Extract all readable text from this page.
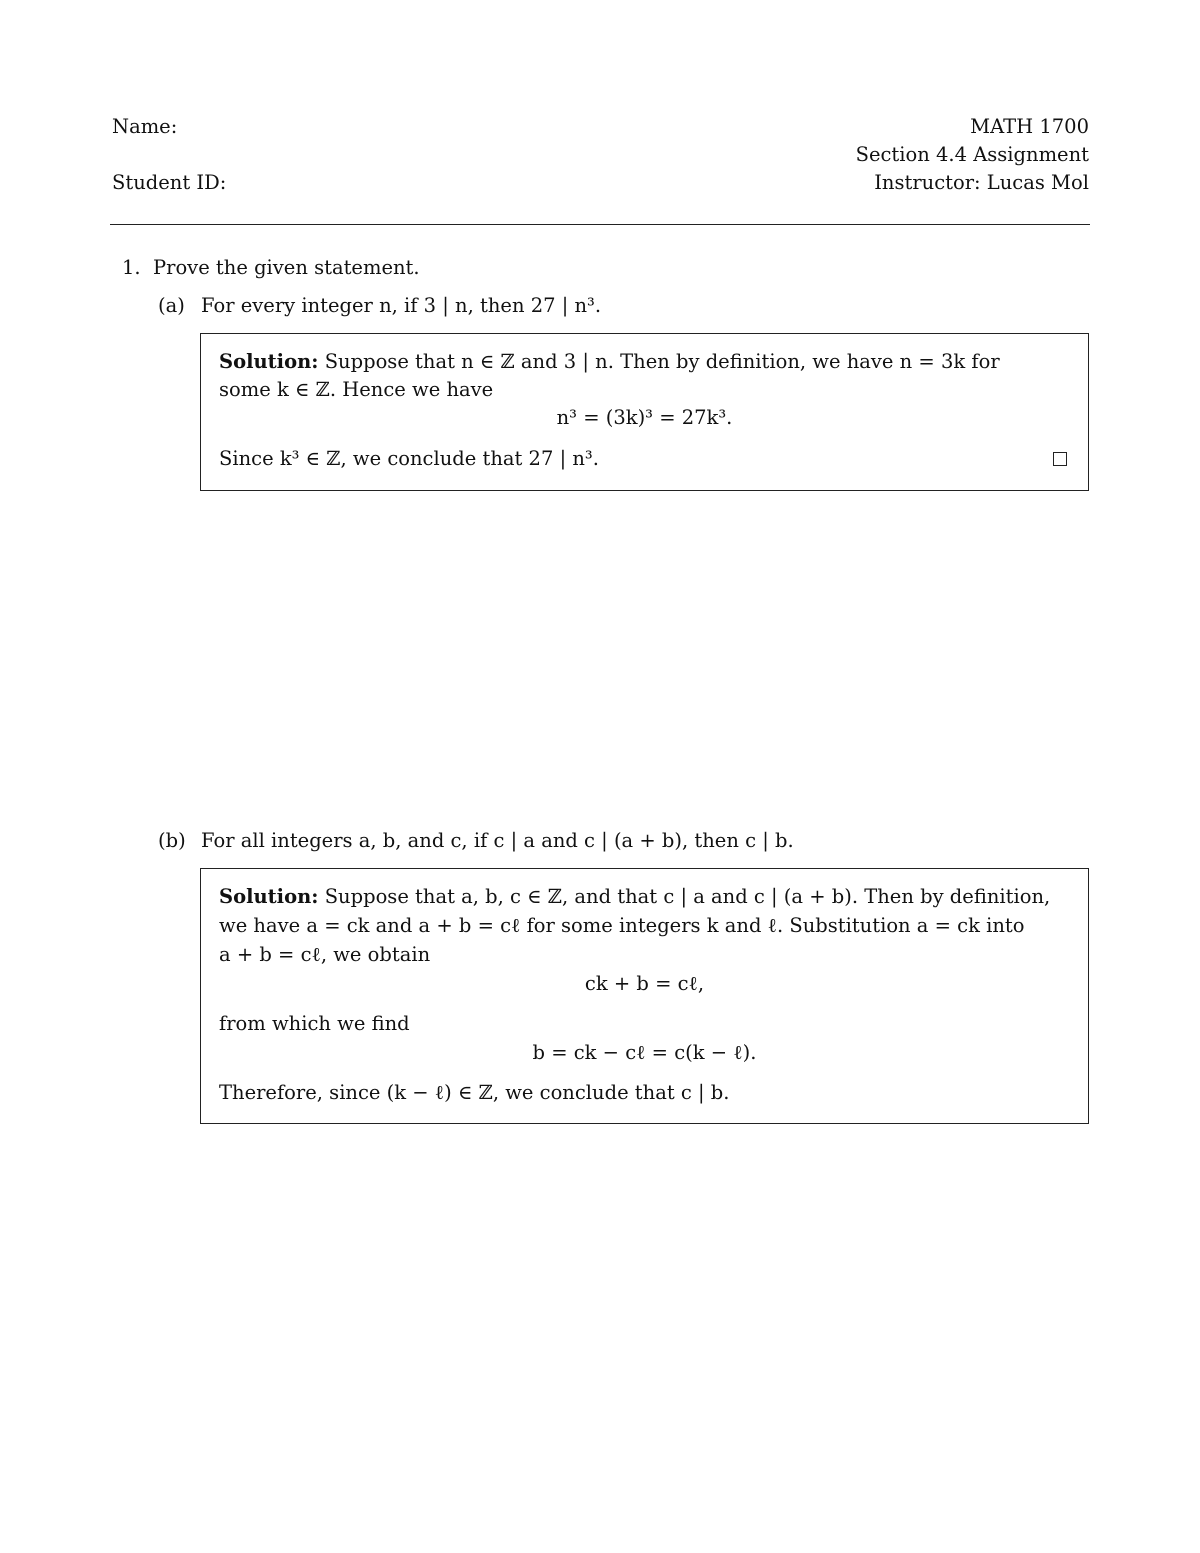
Name:
Student ID:
MATH 1700
Section 4.4 Assignment
Instructor: Lucas Mol
1. Prove the given statement.
(a) For every integer n, if 3 | n, then 27 | n³.
Solution: Suppose that n ∈ ℤ and 3 | n. Then by definition, we have n = 3k for
some k ∈ ℤ. Hence we have
n³ = (3k)³ = 27k³.
Since k³ ∈ ℤ, we conclude that 27 | n³.
(b) For all integers a, b, and c, if c | a and c | (a + b), then c | b.
Solution: Suppose that a, b, c ∈ ℤ, and that c | a and c | (a + b). Then by definition,
we have a = ck and a + b = cℓ for some integers k and ℓ. Substitution a = ck into
a + b = cℓ, we obtain
ck + b = cℓ,
from which we find
b = ck − cℓ = c(k − ℓ).
Therefore, since (k − ℓ) ∈ ℤ, we conclude that c | b.
